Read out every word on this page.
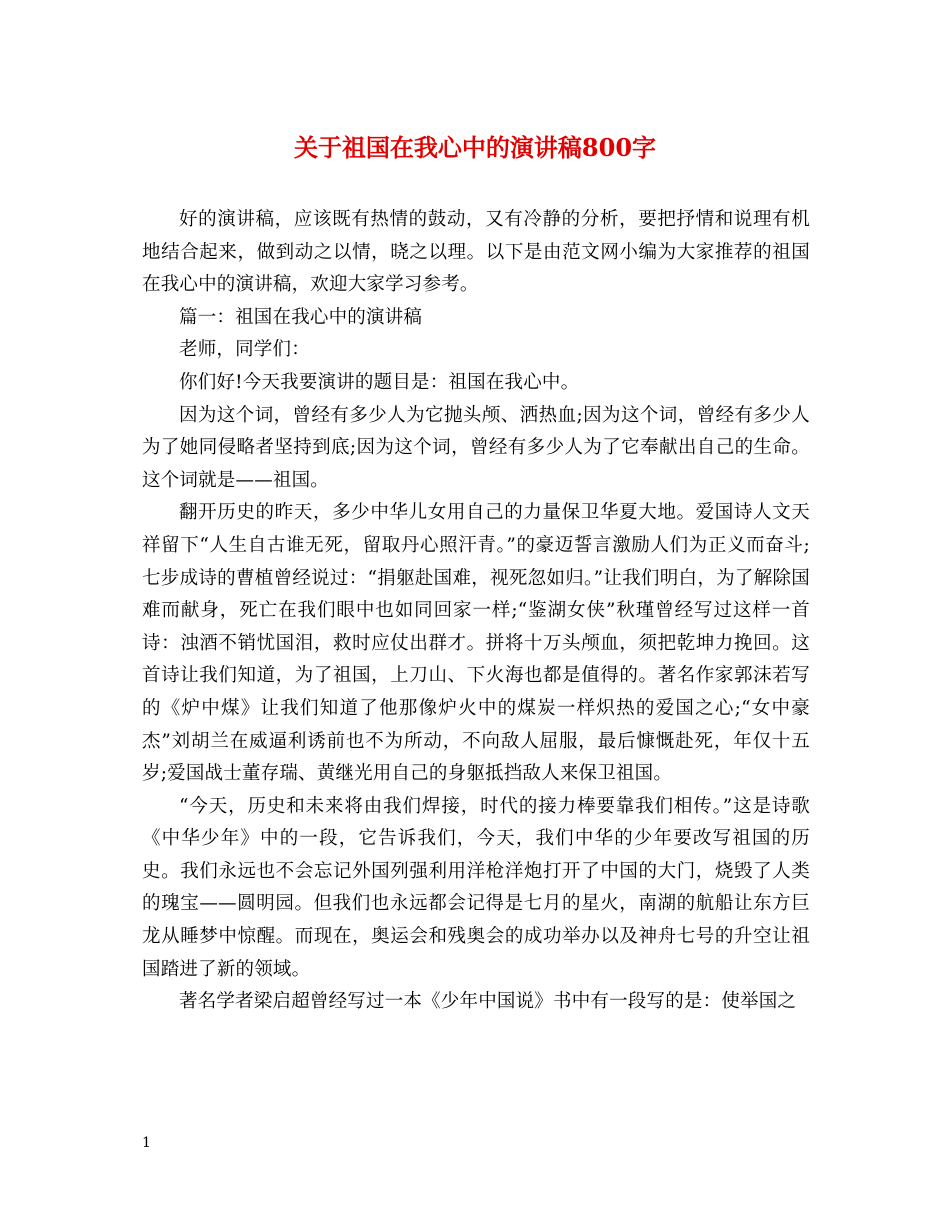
关于祖国在我心中的演讲稿800字

好的演讲稿，应该既有热情的鼓动，又有冷静的分析，要把抒情和说理有机地结合起来，做到动之以情，晓之以理。以下是由范文网小编为大家推荐的祖国在我心中的演讲稿，欢迎大家学习参考。

篇一：祖国在我心中的演讲稿

老师，同学们：

你们好!今天我要演讲的题目是：祖国在我心中。

因为这个词，曾经有多少人为它抛头颅、洒热血;因为这个词，曾经有多少人为了她同侵略者坚持到底;因为这个词，曾经有多少人为了它奉献出自己的生命。这个词就是——祖国。

翻开历史的昨天，多少中华儿女用自己的力量保卫华夏大地。爱国诗人文天祥留下“人生自古谁无死，留取丹心照汗青。”的豪迈誓言激励人们为正义而奋斗;七步成诗的曹植曾经说过：“捐躯赴国难，视死忽如归。”让我们明白，为了解除国难而献身，死亡在我们眼中也如同回家一样;“鉴湖女侠”秋瑾曾经写过这样一首诗：浊酒不销忧国泪，救时应仗出群才。拼将十万头颅血，须把乾坤力挽回。这首诗让我们知道，为了祖国，上刀山、下火海也都是值得的。著名作家郭沫若写的《炉中煤》让我们知道了他那像炉火中的煤炭一样炽热的爱国之心;“女中豪杰”刘胡兰在威逼利诱前也不为所动，不向敌人屈服，最后慷慨赴死，年仅十五岁;爱国战士董存瑞、黄继光用自己的身躯抵挡敌人来保卫祖国。

“今天，历史和未来将由我们焊接，时代的接力棒要靠我们相传。”这是诗歌《中华少年》中的一段，它告诉我们，今天，我们中华的少年要改写祖国的历史。我们永远也不会忘记外国列强利用洋枪洋炮打开了中国的大门，烧毁了人类的瑰宝——圆明园。但我们也永远都会记得是七月的星火，南湖的航船让东方巨龙从睡梦中惊醒。而现在，奥运会和残奥会的成功举办以及神舟七号的升空让祖国踏进了新的领域。

著名学者梁启超曾经写过一本《少年中国说》书中有一段写的是：使举国之

1
